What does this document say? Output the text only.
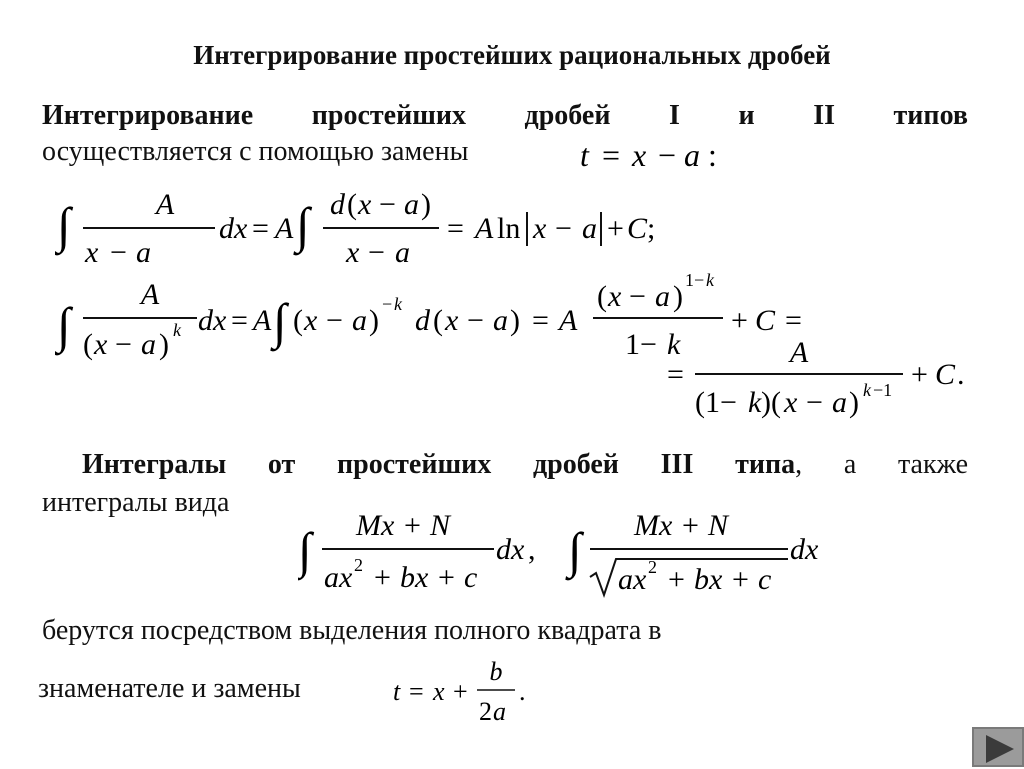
Интегрирование простейших рациональных дробей
Интегрирование простейших дробей I и II типов
осуществляется с помощью замены	t = x − a :
∫	A
x − a
dx = A ∫ d ( x − a )
x − a
= A ln x − a + C ;
∫
A
( x − a ) k dx = A ∫ ( x − a ) − k d ( x − a ) = A
( x − a ) 1− k
1− k
+ C =
=
A
(1− k )( x − a ) k −1 + C .
Интегралы от простейших дробей III типа, а также
интегралы вида
∫ Mx + N
ax 2 + bx + c
dx , ∫ Mx + N
ax 2 + bx + c
dx
берутся посредством выделения полного квадрата в
знаменателе и замены	t = x +
b
2 a
.
